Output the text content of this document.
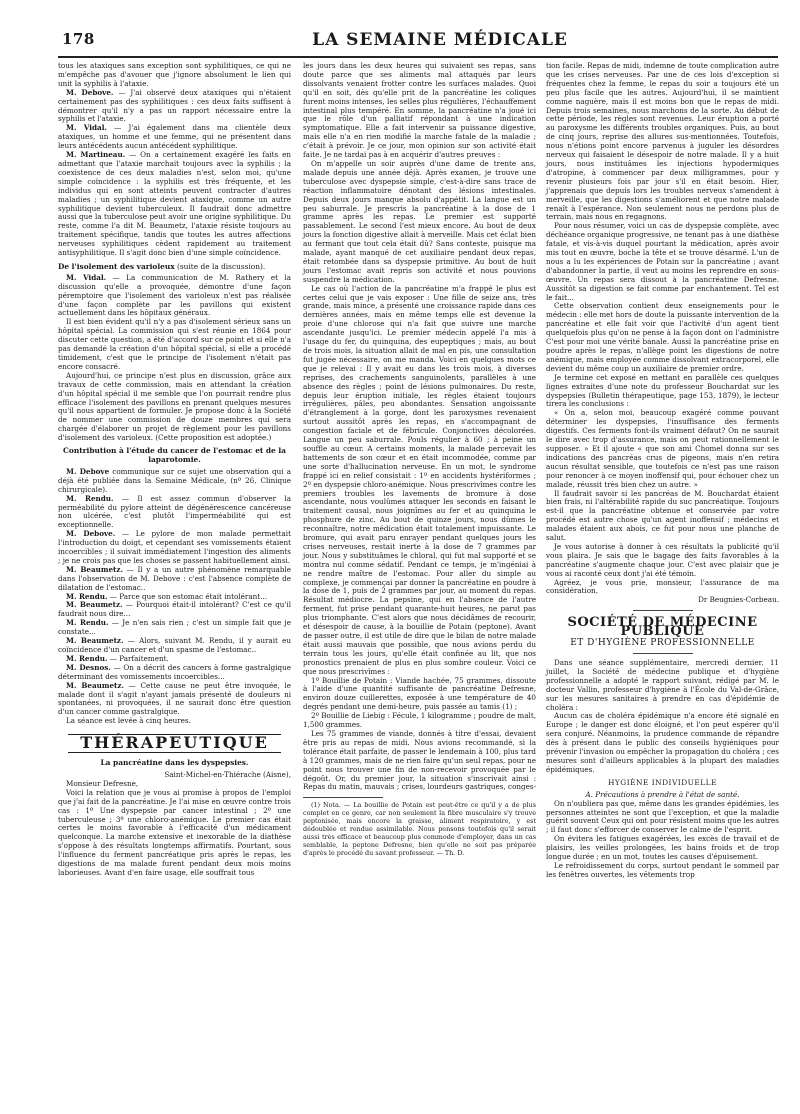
178	LA SEMAINE MÉDICALE

tous les ataxiques sans exception sont syphilitiques, ce qui ne m'empêche pas d'avouer que j'ignore absolument le lien qui unit la syphilis à l'ataxie.

M. Debove. — J'ai observé deux ataxiques qui n'étaient certainement pas des syphilitiques : ces deux faits suffisent à démontrer qu'il n'y a pas un rapport nécessaire entre la syphilis et l'ataxie.

M. Vidal. — J'ai également dans ma clientèle deux ataxiques, un homme et une femme, qui ne présentent dans leurs antécédents aucun antécédent syphilitique.

M. Martineau. — On a certainement exagéré les faits en admettant que l'ataxie marchait toujours avec la syphilis ; la coexistence de ces deux maladies n'est, selon moi, qu'une simple coïncidence : la syphilis est très fréquente, et les individus qui en sont atteints peuvent contracter d'autres maladies ; un syphilitique devient ataxique, comme un autre syphilitique devient tuberculeux. Il faudrait donc admettre aussi que la tuberculose peut avoir une origine syphilitique. Du reste, comme l'a dit M. Beaumetz, l'ataxie résiste toujours au traitement spécifique, tandis que toutes les autres affections nerveuses syphilitiques cèdent rapidement au traitement antisyphilitique. Il s'agit donc bien d'une simple coïncidence.

De l'isolement des varioleux (suite de la discussion).

M. Vidal. — La communication de M. Rathery et la discussion qu'elle a provoquée, démontre d'une façon péremptoire que l'isolement des varioleux n'est pas réalisée d'une façon complète par les pavillons qui existent actuellement dans les hôpitaux généraux.

Il est bien évident qu'il n'y a pas d'isolement sérieux sans un hôpital spécial. La commission qui s'est réunie en 1864 pour discuter cette question, a été d'accord sur ce point et si elle n'a pas demandé la création d'un hôpital spécial, si elle a procédé timidement, c'est que le principe de l'isolement n'était pas encore consacré.

Aujourd'hui, ce principe n'est plus en discussion, grâce aux travaux de cette commission, mais en attendant la création d'un hôpital spécial il me semble que l'on pourrait rendre plus efficace l'isolement des pavillons en prenant quelques mesures qu'il nous appartient de formuler. Je propose donc à la Société de nommer une commission de douze membres qui sera chargée d'élaborer un projet de règlement pour les pavillons d'isolement des varioleux. (Cette proposition est adoptée.)

Contribution à l'étude du cancer de l'estomac et de la laparotomie.

M. Debove communique sur ce sujet une observation qui a déjà été publiée dans la Semaine Médicale, (nº 26, Clinique chirurgicale).

M. Rendu. — Il est assez commun d'observer la perméabilité du pylore atteint de dégénérescence cancéreuse non ulcérée, c'est plutôt l'imperméabilité qui est exceptionnelle.

M. Debove. — Le pylore de mon malade permettait l'introduction du doigt, et cependant ses vomissements étaient incoercibles ; il suivait immédiatement l'ingestion des aliments ; je ne crois pas que les choses se passent habituellement ainsi.

M. Beaumetz. — Il y a un autre phénomène remarquable dans l'observation de M. Debove : c'est l'absence complète de dilatation de l'estomac..

M. Rendu. — Parce que son estomac était intolérant...

M. Beaumetz. — Pourquoi était-il intolérant? C'est ce qu'il faudrait nous dire...

M. Rendu. — Je n'en sais rien ; c'est un simple fait que je constate...

M. Beaumetz. — Alors, suivant M. Rendu, il y aurait eu coïncidence d'un cancer et d'un spasme de l'estomac..

M. Rendu. — Parfaitement.

M. Desnos. — On a décrit des cancers à forme gastralgique déterminant des vomissements incoercibles...

M. Beaumetz. — Cette cause ne peut être invoquée, le malade dont il s'agit n'ayant jamais présenté de douleurs ni spontanées, ni provoquées, il ne saurait donc être question d'un cancer comme gastralgique.

La séance est levée à cinq heures.

THÉRAPEUTIQUE
La pancréatine dans les dyspepsies.

Saint-Michel-en-Thiérache (Aisne),

Monsieur Defresne,

Voici la relation que je vous ai promise à propos de l'emploi que j'ai fait de la pancréatine. Je l'ai mise en œuvre contre trois cas : 1º Une dyspepsie par cancer intestinal ; 2º une tuberculeuse ; 3º une chloro-anémique. Le premier cas était certes le moins favorable à l'efficacité d'un médicament quelconque. La marche extensive et inexorable de la diathèse s'oppose à des résultats longtemps affirmatifs. Pourtant, sous l'influence du ferment pancréatique pris après le repas, les digestions de ma malade furent pendant deux mois moins laborieuses. Avant d'en faire usage, elle souffrait tous

les jours dans les deux heures qui suivaient ses repas, sans doute parce que ses aliments mal attaqués par leurs dissolvants venaient frotter contre les surfaces malades. Quoi qu'il en soit, dès qu'elle prit de la pancréatine les coliques furent moins intenses, les selles plus régulières, l'échauffement intestinal plus tempéré. En somme, la pancréatine n'a joué ici que le rôle d'un palliatif répondant à une indication symptomatique. Elle a fait intervenir sa puissance digestive, mais elle n'a en rien modifié la marche fatale de la maladie ; c'était à prévoir. Je ce jour, mon opinion sur son activité était faite. Je ne tardai pas à en acquérir d'autres preuves :

On m'appelle un soir auprès d'une dame de trente ans, malade depuis une année déjà. Après examen, je trouve une tuberculose avec dyspepsie simple, c'est-à-dire sans trace de réaction inflammatoire dénotant des lésions intestinales. Depuis deux jours manque absolu d'appétit. La langue est un peu saburrale. Je prescris la pancréatine à la dose de 1 gramme après les repas. Le premier est supporté passablement. Le second l'est mieux encore. Au bout de deux jours la fonction digestive allait à merveille. Mais cet éclat bien au fermant que tout cela était dû? Sans conteste, puisque ma malade, ayant manqué de cet auxiliaire pendant deux repas, était retombée dans sa dyspepsie primitive. Au bout de huit jours l'estomac avait repris son activité et nous pouvions suspendre la médication.

Le cas où l'action de la pancréatine m'a frappé le plus est certes celui que je vais exposer : Une fille de seize ans, très grande, mais mince, a présenté une croissance rapide dans ces dernières années, mais en même temps elle est devenue la proie d'une chlorose qui n'a fait que suivre une marche ascendante jusqu'ici. Le premier médecin appelé l'a mis à l'usage du fer, du quinquina, des eupeptiques ; mais, au bout de trois mois, la situation allait de mal en pis, une consultation fut jugée nécessaire, on me manda. Voici en quelques mots ce que je relevai : Il y avait eu dans les trois mois, à diverses reprises, des crachements sanguinolents, parallèles à une absence des règles ; point de lésions pulmonaires. Du reste, depuis leur éruption initiale, les règles étaient toujours irrégulières, pâles, peu abondantes. Sensation angoissante d'étranglement à la gorge, dont les paroxysmes revenaient surtout aussitôt après les repas, en s'accompagnant de congestion faciale et de fébricule. Conjonctives décolorées. Langue un peu saburrale. Pouls régulier à 60 ; à peine un souffle au cœur. A certains moments, la malade percevait les battements de son cœur et en était incommodée, comme par une sorte d'hallucination nerveuse. En un mot, le syndrome frappé ici en relief consistait : 1º en accidents hystériformes ; 2º en dyspepsie chloro-anémique. Nous prescrivîmes contre les premiers troubles les lavements de bromure à dose ascendante, nous voulûmes attaquer les seconds en faisant le traitement causal, nous joignîmes au fer et au quinquina le phosphure de zinc. Au bout de quinze jours, nous dûmes le reconnaître, notre médication était totalement impuissante. Le bromure, qui avait paru enrayer pendant quelques jours les crises nerveuses, restait inerte à la dose de 7 grammes par jour. Nous y substituâmes le chloral, qui fut mal supporté et se montra nul comme sédatif. Pendant ce temps, je m'ingéniai à ne rendre maître de l'estomac. Pour aller du simple au complexe, je commençai par donner la pancréatine en poudre à la dose de 1, puis de 2 grammes par jour, au moment du repas. Résultat médiocre. La pepsine, qui en l'absence de l'autre ferment, fut prise pendant quarante-huit heures, ne parut pas plus triomphante. C'est alors que nous décidâmes de recourir, et désespoir de cause, à la bouillie de Potain (peptone). Avant de passer outre, il est utile de dire que le bilan de notre malade était aussi mauvais que possible, que nous avions perdu du terrain tous les jours, qu'elle était confinée au lit, que nos pronostics prenaient de plus en plus sombre couleur. Voici ce que nous prescrivîmes :

1º Bouillie de Potain : Viande hachée, 75 grammes, dissoute à l'aide d'une quantité suffisante de pancréatine Defresne, environ douze cuillerettes, exposée à une température de 40 degrés pendant une demi-heure, puis passée au tamis (1) ;

2º Bouillie de Liebig : Fécule, 1 kilogramme ; poudre de malt, 1,500 grammes.

Les 75 grammes de viande, donnés à titre d'essai, devaient être pris au repas de midi. Nous avions recommandé, si la tolérance était parfaite, de passer le lendemain à 100, plus tard à 120 grammes, mais de ne rien faire qu'un seul repas, pour ne point nous trouver une fin de non-recevoir provoquée par le dégoût. Or, du premier jour, la situation s'inscrivait ainsi : Repas du matin, mauvais ; crises, lourdeurs gastriques, conges-

(1) Nota. — La bouillie de Potain est peut-être ce qu'il y a de plus complet en ce genre, car non seulement la fibre musculaire s'y trouve peptonisée, mais encore la graisse, aliment respiratoire, y est dédoublée et rendue assimilable. Nous pensons toutefois qu'il serait aussi très efficace et beaucoup plus commode d'employer, dans un cas semblable, la peptone Defresne, bien qu'elle ne soit pas préparée d'après le procédé du savant professeur. — Th. D.

tion facile. Repas de midi, indemne de toute complication autre que les crises nerveuses. Par une de ces lois d'exception si fréquentes chez la femme, le repas du soir a toujours été un peu plus facile que les autres. Aujourd'hui, il se maintient comme naguère, mais il est moins bon que le repas de midi. Depuis trois semaines, nous marchons de la sorte. Au début de cette période, les règles sont revenues. Leur éruption a porté au paroxysme les différents troubles organiques. Puis, au bout de cinq jours, reprise des allures sus-mentionnées. Toutefois, nous n'étions point encore parvenus à juguler les désordres nerveux qui faisaient le désespoir de notre malade. Il y a huit jours, nous instituâmes les injections hypodermiques d'atropine, à commencer par deux milligrammes, pour y revenir plusieurs fois par jour s'il en était besoin. Hier, j'apprenais que depuis lors les troubles nerveux s'amendent à merveille, que les digestions s'améliorent et que notre malade renaît à l'espérance. Non seulement nous ne perdons plus de terrain, mais nous en regagnons.

Pour nous résumer, voici un cas de dyspepsie complète, avec déchéance organique progressive, ne tenant pas à une diathèse fatale, et vis-à-vis duquel pourtant la médication, après avoir mis tout en œuvre, boche la tête et se trouve désarmé. L'un de nous a lu les expériences de Potain sur la pancréatine ; avant d'abandonner la partie, il veut au moins les reprendre en sous-œuvre. Un repas sera dissout à la pancréatine Defresne. Aussitôt sa digestion se fait comme par enchantement. Tel est le fait...

Cette observation contient deux enseignements pour le médecin : elle met hors de doute la puissante intervention de la pancréatine et elle fait voir que l'activité d'un agent tient quelquefois plus qu'on ne pense à la façon dont on l'administre C'est pour moi une vérité banale. Aussi la pancréatine prise en poudre après le repas, n'allège point les digestions de notre anémique, mais employée comme dissolvant extracorporel, elle devient du même coup un auxiliaire de premier ordre.

Je termine cet exposé en mettant en parallèle ces quelques lignes extraites d'une note du professeur Bouchardat sur les dyspepsies (Bulletin thérapeutique, page 153, 1879), le lecteur tirera les conclusions :

« On a, selon moi, beaucoup exagéré comme pouvant déterminer les dyspepsies, l'insuffisance des ferments digestifs. Ces ferments font-ils vraiment défaut? On ne saurait le dire avec trop d'assurance, mais on peut rationnellement le supposer. » Et il ajoute « que son ami Chomel donna sur ses indications des pancréas crus de pigeons, mais n'en retira aucun résultat sensible, que toutefois ce n'est pas une raison pour renoncer à ce moyen inoffensif qui, pour échouer chez un malade, réussit très bien chez un autre. »

Il faudrait savoir si les pancréas de M. Bouchardat étaient bien frais, ni l'altérabilité rapide du suc pancréatique. Toujours est-il que la pancréatine obtenue et conservée par votre procédé est autre chose qu'un agent inoffensif ; médecins et malades étaient aux abois, ce fut pour nous une planche de salut.

Je vous autorise à donner à ces résultats la publicité qu'il vous plaira. Je sais que le bagage des faits favorables à la pancréatine s'augmente chaque jour. C'est avec plaisir que je vous ai raconté ceux dont j'ai été témoin.

Agréez, je vous prie, monsieur, l'assurance de ma considération,

Dr Beugnies-Corbeau.

SOCIÉTÉ DE MÉDECINE PUBLIQUE
ET D'HYGIÈNE PROFESSIONNELLE

Dans une séance supplémentaire, mercredi dernier, 11 juillet, la Société de médecine publique et d'hygiène professionnelle a adopté le rapport suivant, rédigé par M. le docteur Vallin, professeur d'hygiène à l'École du Val-de-Grâce, sur les mesures sanitaires à prendre en cas d'épidémie de choléra :

Aucun cas de choléra épidémique n'a encore été signalé en Europe ; le danger est donc éloigné, et l'on peut espérer qu'il sera conjuré. Néanmoins, la prudence commande de répandre dès à présent dans le public des conseils hygiéniques pour prévenir l'invasion ou empêcher la propagation du choléra ; ces mesures sont d'ailleurs applicables à la plupart des maladies épidémiques.

HYGIÈNE INDIVIDUELLE

A. Précautions à prendre à l'état de santé.

On n'oubliera pas que, même dans les grandes épidémies, les personnes atteintes ne sont que l'exception, et que la maladie guérit souvent Ceux qui ont pour résistent moins que les autres ; il faut donc s'efforcer de conserver le calme de l'esprit.

On évitera les fatigues exagérées, les excès de travail et de plaisirs, les veilles prolongées, les bains froids et de trop longue durée ; en un mot, toutes les causes d'épuisement.

Le refroidissement du corps, surtout pendant le sommeil par les fenêtres ouvertes, les vêtements trop
